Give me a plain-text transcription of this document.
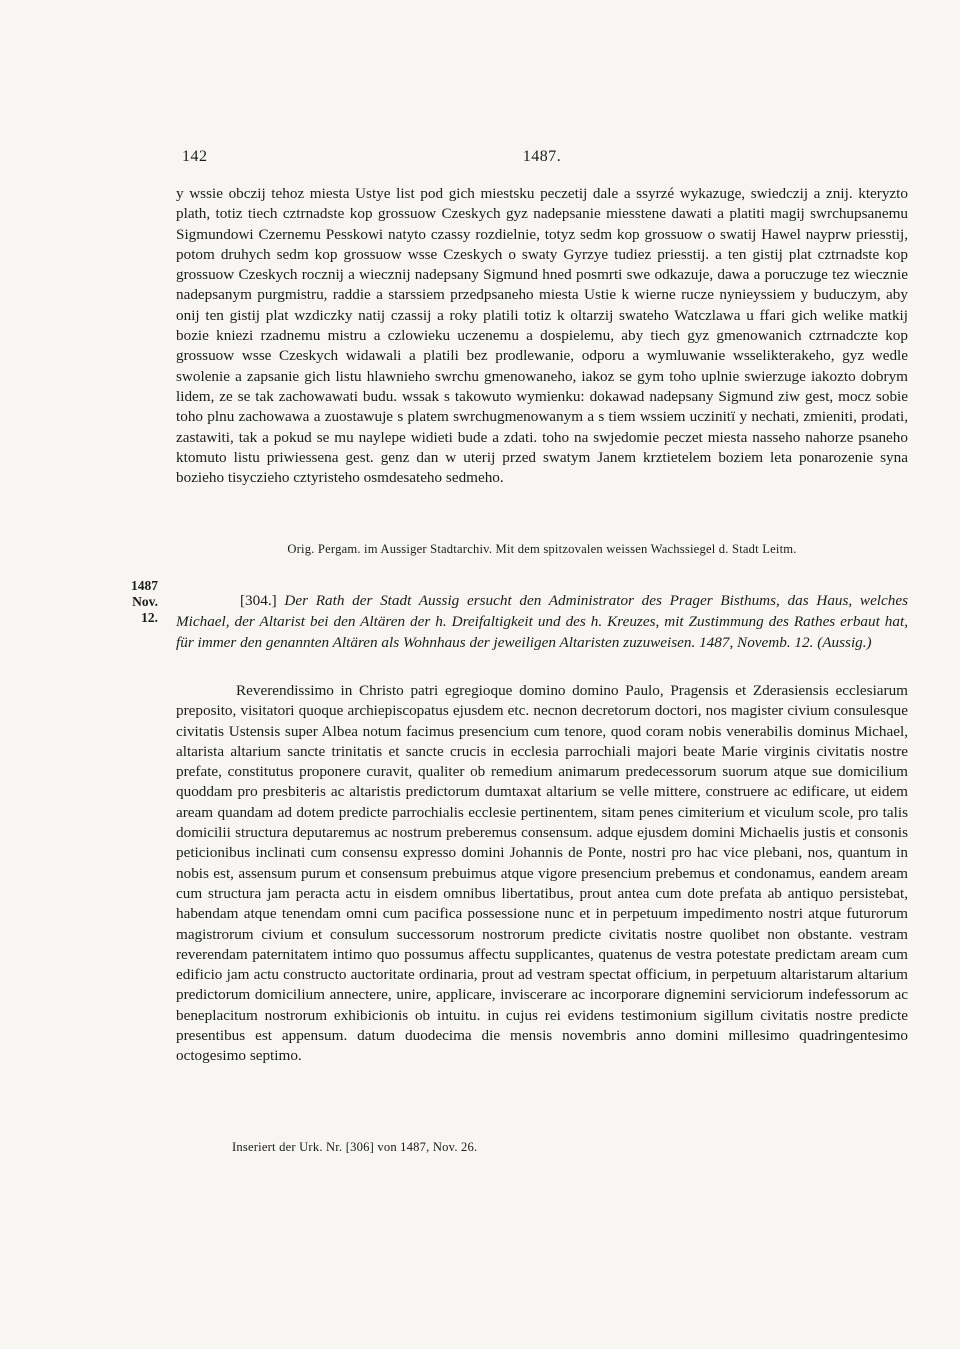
142	1487.

y wssie obczij tehoz miesta Ustye list pod gich miestsku peczetij dale a ssyrzé wykazuge, swiedczij a znij. kteryzto plath, totiz tiech cztrnadste kop grossuow Czeskych gyz nadepsanie miesstene dawati a platiti magij swrchupsanemu Sigmundowi Czernemu Pesskowi natyto czassy rozdielnie, totyz sedm kop grossuow o swatij Hawel nayprw priesstij, potom druhych sedm kop grossuow wsse Czeskych o swaty Gyrzye tudiez priesstij. a ten gistij plat cztrnadste kop grossuow Czeskych rocznij a wiecznij nadepsany Sigmund hned posmrti swe odkazuje, dawa a poruczuge tez wiecznie nadepsanym purgmistru, raddie a starssiem przedpsaneho miesta Ustie k wierne rucze nynieyssiem y buduczym, aby onij ten gistij plat wzdiczky natij czassij a roky platili totiz k oltarzij swateho Watczlawa u ffari gich welike matkij bozie kniezi rzadnemu mistru a czlowieku uczenemu a dospielemu, aby tiech gyz gmenowanich cztrnadczte kop grossuow wsse Czeskych widawali a platili bez prodlewanie, odporu a wymluwanie wsselikterakeho, gyz wedle swolenie a zapsanie gich listu hlawnieho swrchu gmenowaneho, iakoz se gym toho uplnie swierzuge iakozto dobrym lidem, ze se tak zachowawati budu. wssak s takowuto wymienku: dokawad nadepsany Sigmund ziw gest, mocz sobie toho plnu zachowawa a zuostawuje s platem swrchugmenowanym a s tiem wssiem uczinitï y nechati, zmieniti, prodati, zastawiti, tak a pokud se mu naylepe widieti bude a zdati. toho na swjedomie peczet miesta nasseho nahorze psaneho ktomuto listu priwiessena gest. genz dan w uterij przed swatym Janem krztietelem boziem leta ponarozenie syna bozieho tisyczieho cztyristeho osmdesateho sedmeho.

Orig. Pergam. im Aussiger Stadtarchiv. Mit dem spitzovalen weissen Wachssiegel d. Stadt Leitm.
1487
Nov. 12.
[304.] Der Rath der Stadt Aussig ersucht den Administrator des Prager Bisthums, das Haus, welches Michael, der Altarist bei den Altären der h. Dreifaltigkeit und des h. Kreuzes, mit Zustimmung des Rathes erbaut hat, für immer den genannten Altären als Wohnhaus der jeweiligen Altaristen zuzuweisen. 1487, Novemb. 12. (Aussig.)

Reverendissimo in Christo patri egregioque domino domino Paulo, Pragensis et Zderasiensis ecclesiarum preposito, visitatori quoque archiepiscopatus ejusdem etc. necnon decretorum doctori, nos magister civium consulesque civitatis Ustensis super Albea notum facimus presencium cum tenore, quod coram nobis venerabilis dominus Michael, altarista altarium sancte trinitatis et sancte crucis in ecclesia parrochiali majori beate Marie virginis civitatis nostre prefate, constitutus proponere curavit, qualiter ob remedium animarum predecessorum suorum atque sue domicilium quoddam pro presbiteris ac altaristis predictorum dumtaxat altarium se velle mittere, construere ac edificare, ut eidem aream quandam ad dotem predicte parrochialis ecclesie pertinentem, sitam penes cimiterium et viculum scole, pro talis domicilii structura deputaremus ac nostrum preberemus consensum. adque ejusdem domini Michaelis justis et consonis peticionibus inclinati cum consensu expresso domini Johannis de Ponte, nostri pro hac vice plebani, nos, quantum in nobis est, assensum purum et consensum prebuimus atque vigore presencium prebemus et condonamus, eandem aream cum structura jam peracta actu in eisdem omnibus libertatibus, prout antea cum dote prefata ab antiquo persistebat, habendam atque tenendam omni cum pacifica possessione nunc et in perpetuum impedimento nostri atque futurorum magistrorum civium et consulum successorum nostrorum predicte civitatis nostre quolibet non obstante. vestram reverendam paternitatem intimo quo possumus affectu supplicantes, quatenus de vestra potestate predictam aream cum edificio jam actu constructo auctoritate ordinaria, prout ad vestram spectat officium, in perpetuum altaristarum altarium predictorum domicilium annectere, unire, applicare, inviscerare ac incorporare dignemini serviciorum indefessorum ac beneplacitum nostrorum exhibicionis ob intuitu. in cujus rei evidens testimonium sigillum civitatis nostre predicte presentibus est appensum. datum duodecima die mensis novembris anno domini millesimo quadringentesimo octogesimo septimo.

Inseriert der Urk. Nr. [306] von 1487, Nov. 26.
